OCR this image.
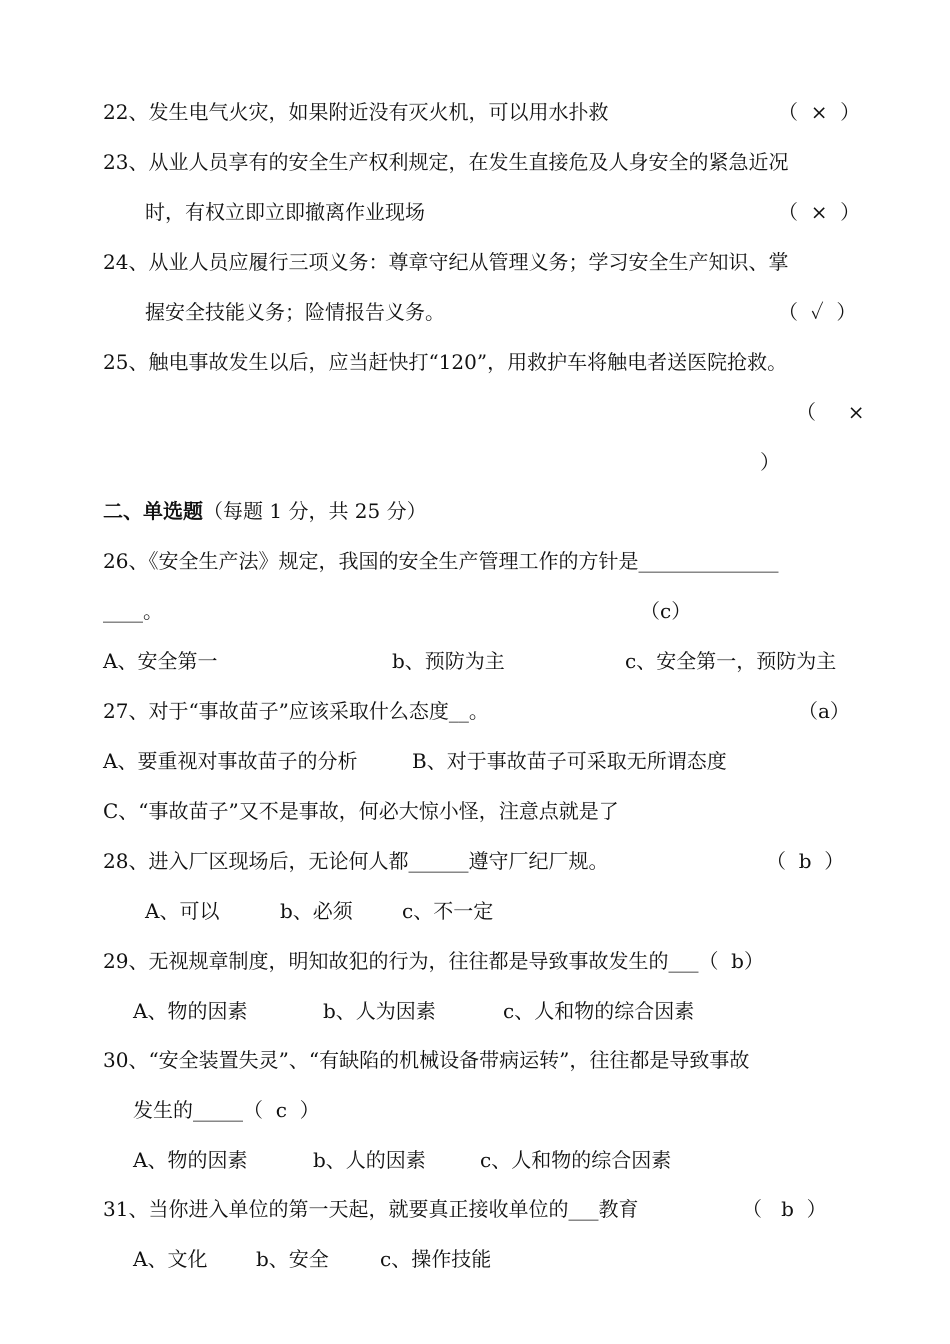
22、发生电气火灾，如果附近没有灭火机，可以用水扑救	（  ×  ）
23、从业人员享有的安全生产权利规定，在发生直接危及人身安全的紧急近况
时，有权立即立即撤离作业现场	（  ×  ）
24、从业人员应履行三项义务：尊章守纪从管理义务；学习安全生产知识、掌
握安全技能义务；险情报告义务。	（  ✓  ）
25、触电事故发生以后，应当赶快打“120”，用救护车将触电者送医院抢救。
（     ×
）
二、单选题（每题 1 分，共 25 分）
26、《安全生产法》规定，我国的安全生产管理工作的方针是______________
____。	（c）
A、安全第一	b、预防为主	c、安全第一，预防为主
27、对于“事故苗子”应该采取什么态度__。	（a）
A、要重视对事故苗子的分析	B、对于事故苗子可采取无所谓态度
C、“事故苗子”又不是事故，何必大惊小怪，注意点就是了
28、进入厂区现场后，无论何人都______遵守厂纪厂规。	（  b  ）
A、可以	b、必须 c、不一定
29、无视规章制度，明知故犯的行为，往往都是导致事故发生的___（  b）
A、物的因素	b、人为因素	c、人和物的综合因素
30、“安全装置失灵”、“有缺陷的机械设备带病运转”，往往都是导致事故
发生的_____（  c  ）
A、物的因素	b、人的因素	c、人和物的综合因素
31、当你进入单位的第一天起，就要真正接收单位的___教育	（   b  ）
A、文化 b、安全	c、操作技能
